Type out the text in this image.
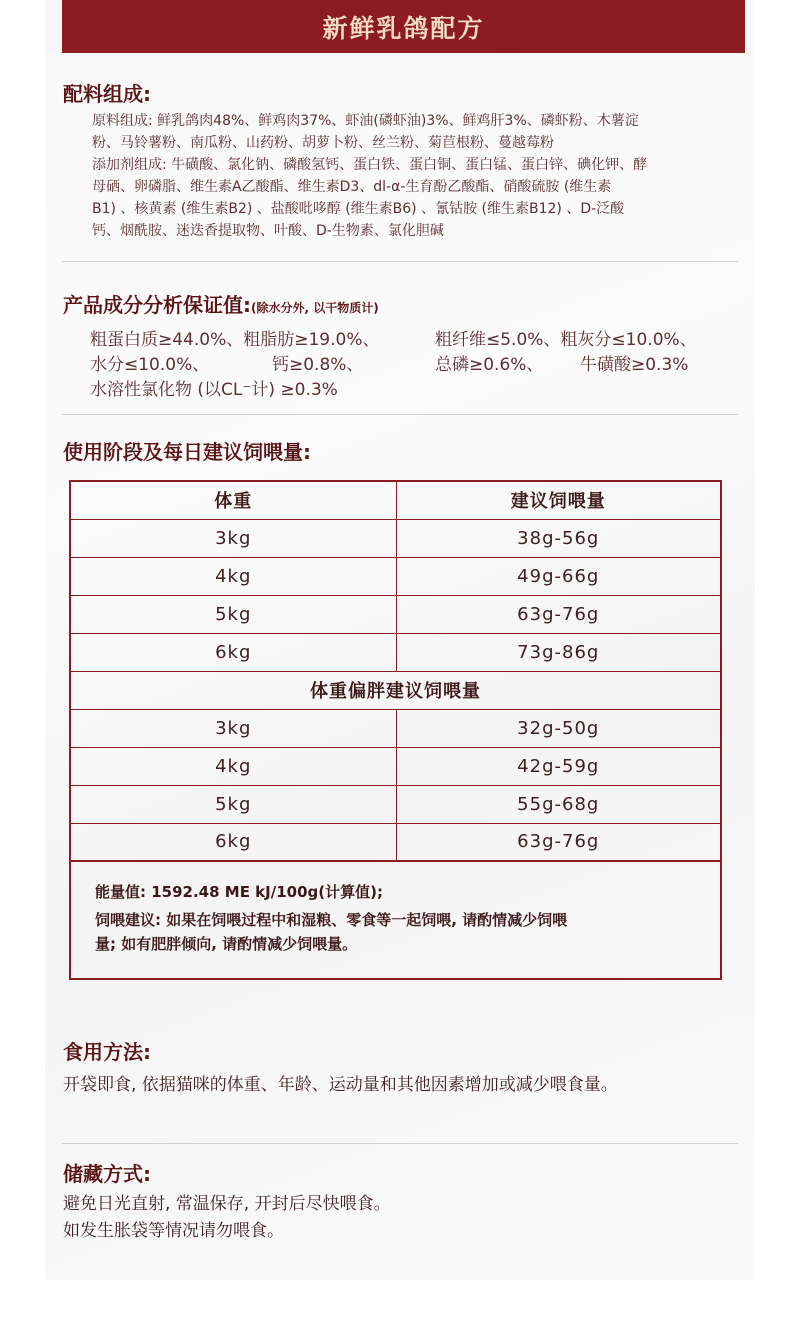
新鲜乳鸽配方
配料组成:
原料组成: 鲜乳鸽肉48%、鲜鸡肉37%、虾油(磷虾油)3%、鲜鸡肝3%、磷虾粉、木薯淀
粉、马铃薯粉、南瓜粉、山药粉、胡萝卜粉、丝兰粉、菊苣根粉、蔓越莓粉
添加剂组成: 牛磺酸、氯化钠、磷酸氢钙、蛋白铁、蛋白铜、蛋白锰、蛋白锌、碘化钾、酵
母硒、卵磷脂、维生素A乙酸酯、维生素D3、dl-α-生育酚乙酸酯、硝酸硫胺 (维生素
B1) 、核黄素 (维生素B2) 、盐酸吡哆醇 (维生素B6) 、氰钴胺 (维生素B12) 、D-泛酸
钙、烟酰胺、迷迭香提取物、叶酸、D-生物素、氯化胆碱
产品成分分析保证值:(除水分外, 以干物质计)
粗蛋白质≥44.0%、粗脂肪≥19.0%、	粗纤维≤5.0%、粗灰分≤10.0%、
水分≤10.0%、	钙≥0.8%、	总磷≥0.6%、 牛磺酸≥0.3%
水溶性氯化物 (以CL⁻计) ≥0.3%
使用阶段及每日建议饲喂量:
体重	建议饲喂量
3kg	38g-56g
4kg	49g-66g
5kg	63g-76g
6kg	73g-86g
体重偏胖建议饲喂量	
3kg	32g-50g
4kg	42g-59g
5kg	55g-68g
6kg	63g-76g

能量值: 1592.48 ME kJ/100g(计算值);

饲喂建议: 如果在饲喂过程中和湿粮、零食等一起饲喂, 请酌情减少饲喂
量; 如有肥胖倾向, 请酌情减少饲喂量。
食用方法:
开袋即食, 依据猫咪的体重、年龄、运动量和其他因素增加或减少喂食量。
储藏方式:
避免日光直射, 常温保存, 开封后尽快喂食。
如发生胀袋等情况请勿喂食。
